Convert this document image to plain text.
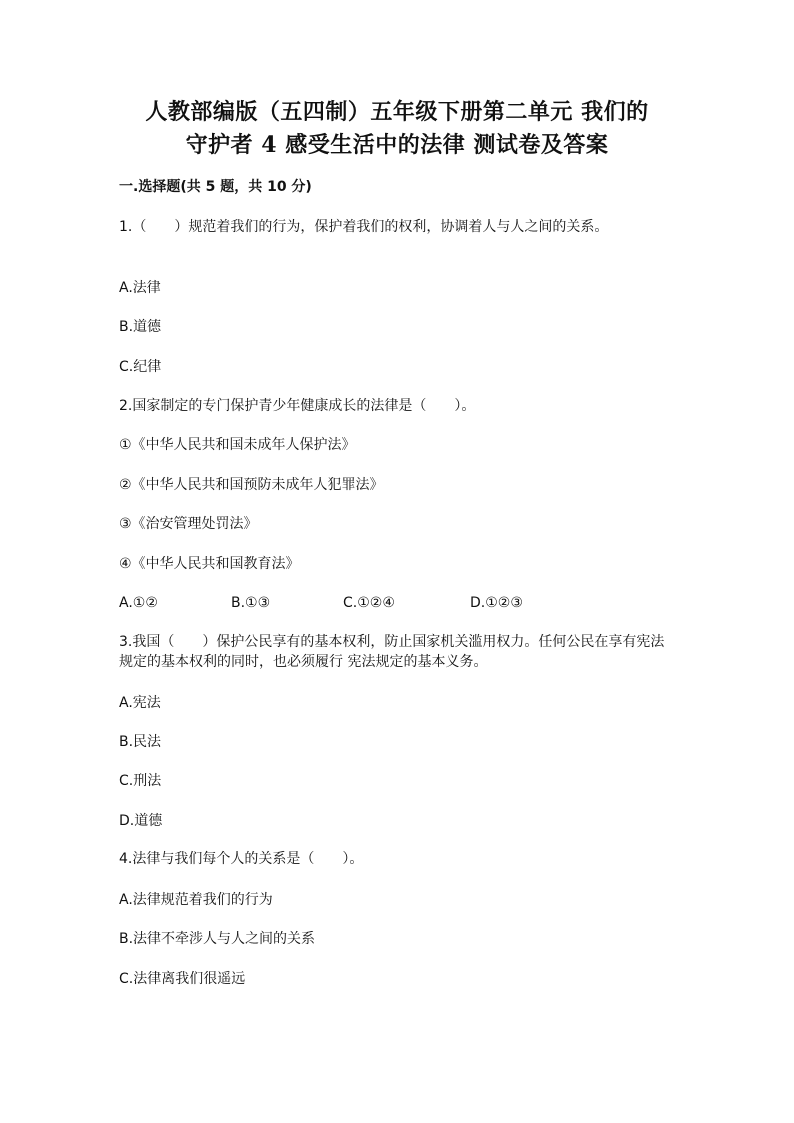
人教部编版（五四制）五年级下册第二单元 我们的
守护者 4 感受生活中的法律 测试卷及答案
一.选择题(共 5 题，共 10 分)
1.（　　）规范着我们的行为，保护着我们的权利，协调着人与人之间的关系。
A.法律
B.道德
C.纪律
2.国家制定的专门保护青少年健康成长的法律是（　　）。
①《中华人民共和国未成年人保护法》
②《中华人民共和国预防未成年人犯罪法》
③《治安管理处罚法》
④《中华人民共和国教育法》
A.①②	B.①③	C.①②④	D.①②③
3.我国（　　）保护公民享有的基本权利，防止国家机关滥用权力。任何公民在享有宪法规定的基本权利的同时，也必须履行 宪法规定的基本义务。
A.宪法
B.民法
C.刑法
D.道德
4.法律与我们每个人的关系是（　　）。
A.法律规范着我们的行为
B.法律不牵涉人与人之间的关系
C.法律离我们很遥远
